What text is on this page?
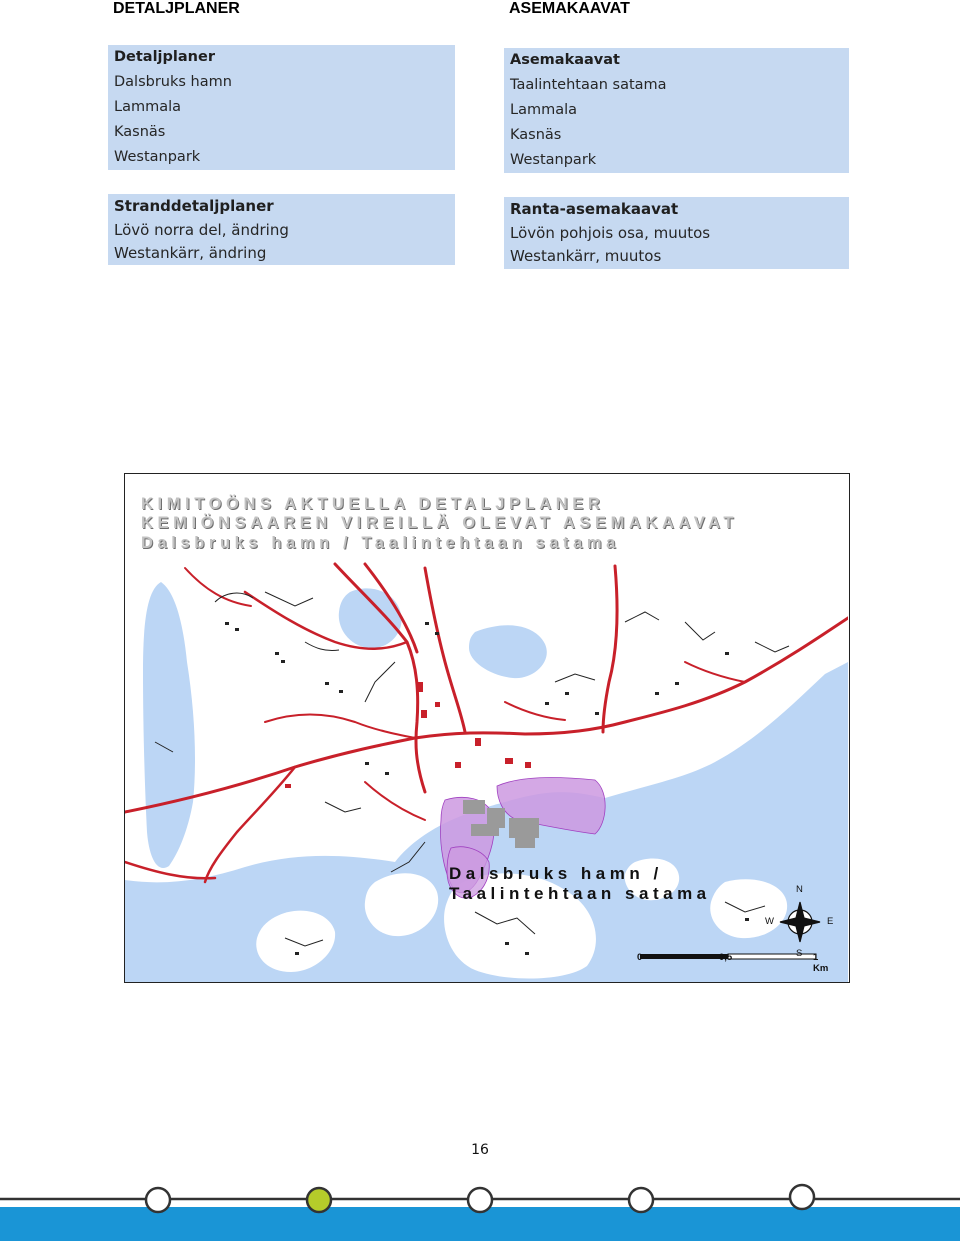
DETALJPLANER	ASEMAKAAVAT
Detaljplaner
Dalsbruks hamn
Lammala
Kasnäs
Westanpark
Stranddetaljplaner
Lövö norra del, ändring
Westankärr, ändring
Asemakaavat
Taalintehtaan satama
Lammala
Kasnäs
Westanpark
Ranta-asemakaavat
Lövön pohjois osa, muutos
Westankärr, muutos
KIMITOÖNS AKTUELLA DETALJPLANER
KEMIÖNSAAREN VIREILLÄ OLEVAT ASEMAKAAVAT
Dalsbruks hamn / Taalintehtaan satama
Dalsbruks hamn /
Taalintehtaan satama	N
W	E
S
0	0,5	1
Km
16
